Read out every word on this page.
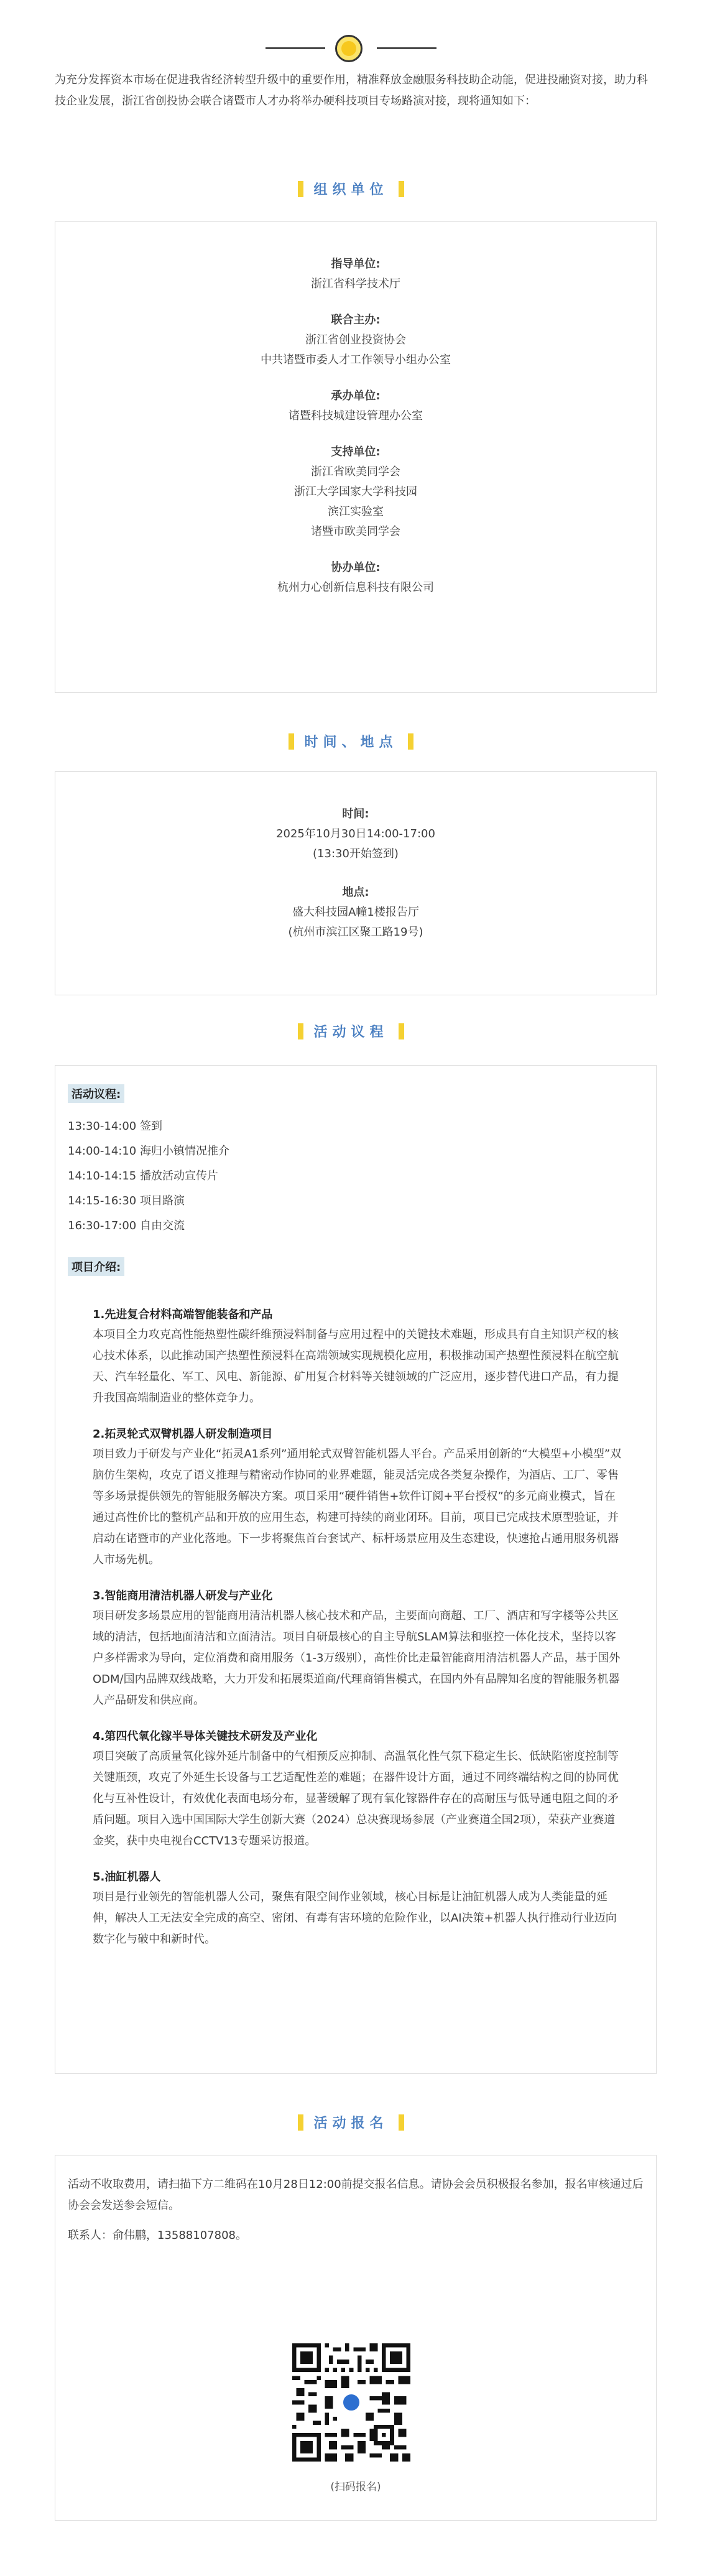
为充分发挥资本市场在促进我省经济转型升级中的重要作用，精准释放金融服务科技助企动能，促进投融资对接，助力科技企业发展，浙江省创投协会联合诸暨市人才办将举办硬科技项目专场路演对接，现将通知如下：
组织单位
指导单位:
浙江省科学技术厅
联合主办:
浙江省创业投资协会
中共诸暨市委人才工作领导小组办公室
承办单位:
诸暨科技城建设管理办公室
支持单位:
浙江省欧美同学会
浙江大学国家大学科技园
滨江实验室
诸暨市欧美同学会
协办单位:
杭州力心创新信息科技有限公司
时间、地点
时间:
2025年10月30日14:00-17:00
(13:30开始签到)
地点:
盛大科技园A幢1楼报告厅
(杭州市滨江区聚工路19号)
活动议程
活动议程:
13:30-14:00 签到
14:00-14:10 海归小镇情况推介
14:10-14:15 播放活动宣传片
14:15-16:30 项目路演
16:30-17:00 自由交流
项目介绍:
1.先进复合材料高端智能装备和产品
本项目全力攻克高性能热塑性碳纤维预浸料制备与应用过程中的关键技术难题，形成具有自主知识产权的核心技术体系，以此推动国产热塑性预浸料在高端领域实现规模化应用，积极推动国产热塑性预浸料在航空航天、汽车轻量化、军工、风电、新能源、矿用复合材料等关键领域的广泛应用，逐步替代进口产品，有力提升我国高端制造业的整体竞争力。
2.拓灵轮式双臂机器人研发制造项目
项目致力于研发与产业化“拓灵A1系列”通用轮式双臂智能机器人平台。产品采用创新的“大模型+小模型”双脑仿生架构，攻克了语义推理与精密动作协同的业界难题，能灵活完成各类复杂操作，为酒店、工厂、零售等多场景提供领先的智能服务解决方案。项目采用“硬件销售+软件订阅+平台授权”的多元商业模式，旨在通过高性价比的整机产品和开放的应用生态，构建可持续的商业闭环。目前，项目已完成技术原型验证，并启动在诸暨市的产业化落地。下一步将聚焦首台套试产、标杆场景应用及生态建设，快速抢占通用服务机器人市场先机。
3.智能商用清洁机器人研发与产业化
项目研发多场景应用的智能商用清洁机器人核心技术和产品，主要面向商超、工厂、酒店和写字楼等公共区域的清洁，包括地面清洁和立面清洁。项目自研最核心的自主导航SLAM算法和驱控一体化技术，坚持以客户多样需求为导向，定位消费和商用服务（1-3万级别），高性价比走量智能商用清洁机器人产品，基于国外ODM/国内品牌双线战略，大力开发和拓展渠道商/代理商销售模式，在国内外有品牌知名度的智能服务机器人产品研发和供应商。
4.第四代氧化镓半导体关键技术研发及产业化
项目突破了高质量氧化镓外延片制备中的气相预反应抑制、高温氧化性气氛下稳定生长、低缺陷密度控制等关键瓶颈，攻克了外延生长设备与工艺适配性差的难题；在器件设计方面，通过不同终端结构之间的协同优化与互补性设计，有效优化表面电场分布，显著缓解了现有氧化镓器件存在的高耐压与低导通电阻之间的矛盾问题。项目入选中国国际大学生创新大赛（2024）总决赛现场参展（产业赛道全国2项），荣获产业赛道金奖，获中央电视台CCTV13专题采访报道。
5.油缸机器人
项目是行业领先的智能机器人公司，聚焦有限空间作业领域，核心目标是让油缸机器人成为人类能量的延伸，解决人工无法安全完成的高空、密闭、有毒有害环境的危险作业，以AI决策+机器人执行推动行业迈向数字化与破中和新时代。
活动报名
活动不收取费用，请扫描下方二维码在10月28日12:00前提交报名信息。请协会会员积极报名参加，报名审核通过后协会会发送参会短信。
联系人：俞伟鹏，13588107808。
(扫码报名)
